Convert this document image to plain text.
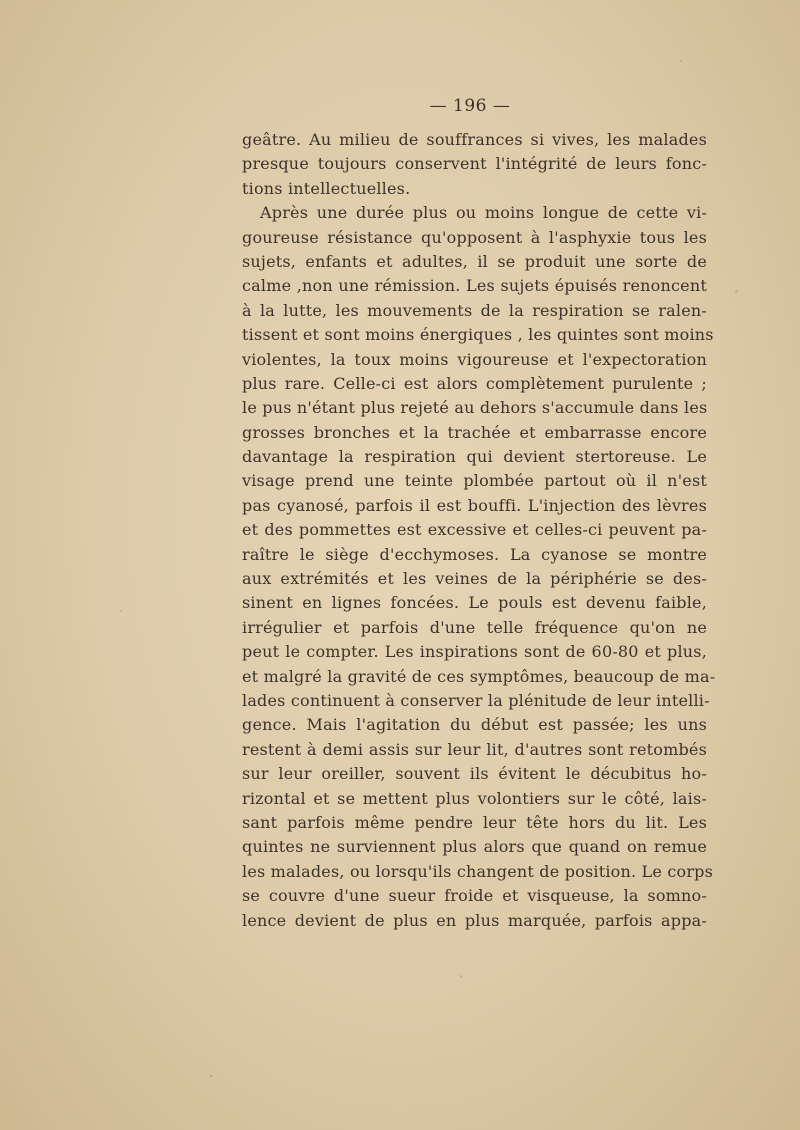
— 196 —
geâtre. Au milieu de souffrances si vives, les malades
presque toujours conservent l'intégrité de leurs fonc-
tions intellectuelles.
Après une durée plus ou moins longue de cette vi-
goureuse résistance qu'opposent à l'asphyxie tous les
sujets, enfants et adultes, il se produit une sorte de
calme ,non une rémission. Les sujets épuisés renoncent
à la lutte, les mouvements de la respiration se ralen-
tissent et sont moins énergiques , les quintes sont moins
violentes, la toux moins vigoureuse et l'expectoration
plus rare. Celle-ci est alors complètement purulente ;
le pus n'étant plus rejeté au dehors s'accumule dans les
grosses bronches et la trachée et embarrasse encore
davantage la respiration qui devient stertoreuse. Le
visage prend une teinte plombée partout où il n'est
pas cyanosé, parfois il est bouffi. L'injection des lèvres
et des pommettes est excessive et celles-ci peuvent pa-
raître le siège d'ecchymoses. La cyanose se montre
aux extrémités et les veines de la périphérie se des-
sinent en lignes foncées. Le pouls est devenu faible,
irrégulier et parfois d'une telle fréquence qu'on ne
peut le compter. Les inspirations sont de 60-80 et plus,
et malgré la gravité de ces symptômes, beaucoup de ma-
lades continuent à conserver la plénitude de leur intelli-
gence. Mais l'agitation du début est passée; les uns
restent à demi assis sur leur lit, d'autres sont retombés
sur leur oreiller, souvent ils évitent le décubitus ho-
rizontal et se mettent plus volontiers sur le côté, lais-
sant parfois même pendre leur tête hors du lit. Les
quintes ne surviennent plus alors que quand on remue
les malades, ou lorsqu'ils changent de position. Le corps
se couvre d'une sueur froide et visqueuse, la somno-
lence devient de plus en plus marquée, parfois appa-
